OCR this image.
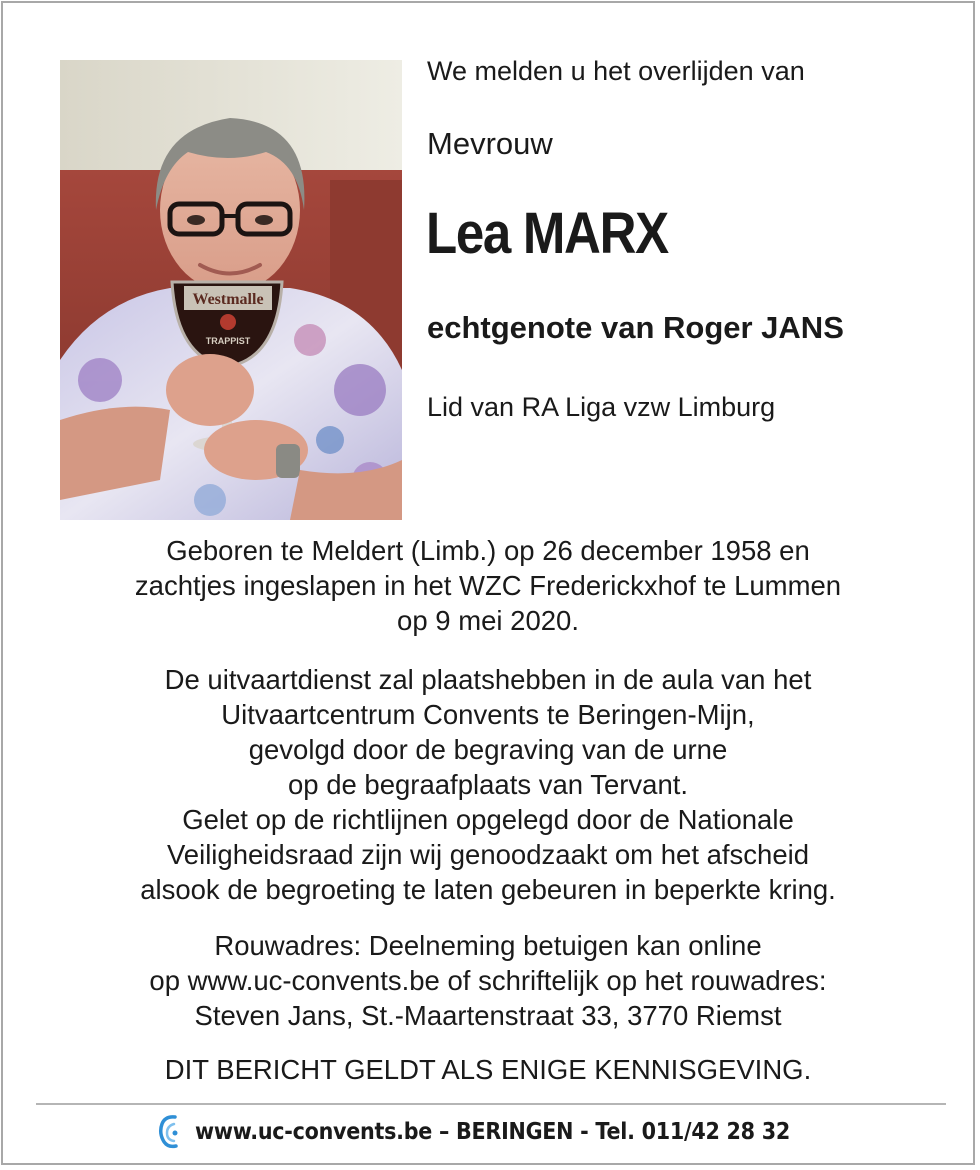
Westmalle
TRAPPIST
We melden u het overlijden van
Mevrouw
Lea MARX
echtgenote van Roger JANS
Lid van RA Liga vzw Limburg
Geboren te Meldert (Limb.) op 26 december 1958 en
zachtjes ingeslapen in het WZC Frederickxhof te Lummen
op 9 mei 2020.
De uitvaartdienst zal plaatshebben in de aula van het
Uitvaartcentrum Convents te Beringen-Mijn,
gevolgd door de begraving van de urne
op de begraafplaats van Tervant.
Gelet op de richtlijnen opgelegd door de Nationale
Veiligheidsraad zijn wij genoodzaakt om het afscheid
alsook de begroeting te laten gebeuren in beperkte kring.
Rouwadres: Deelneming betuigen kan online
op www.uc-convents.be of schriftelijk op het rouwadres:
Steven Jans, St.-Maartenstraat 33, 3770 Riemst
DIT BERICHT GELDT ALS ENIGE KENNISGEVING.
www.uc-convents.be – BERINGEN - Tel. 011/42 28 32
